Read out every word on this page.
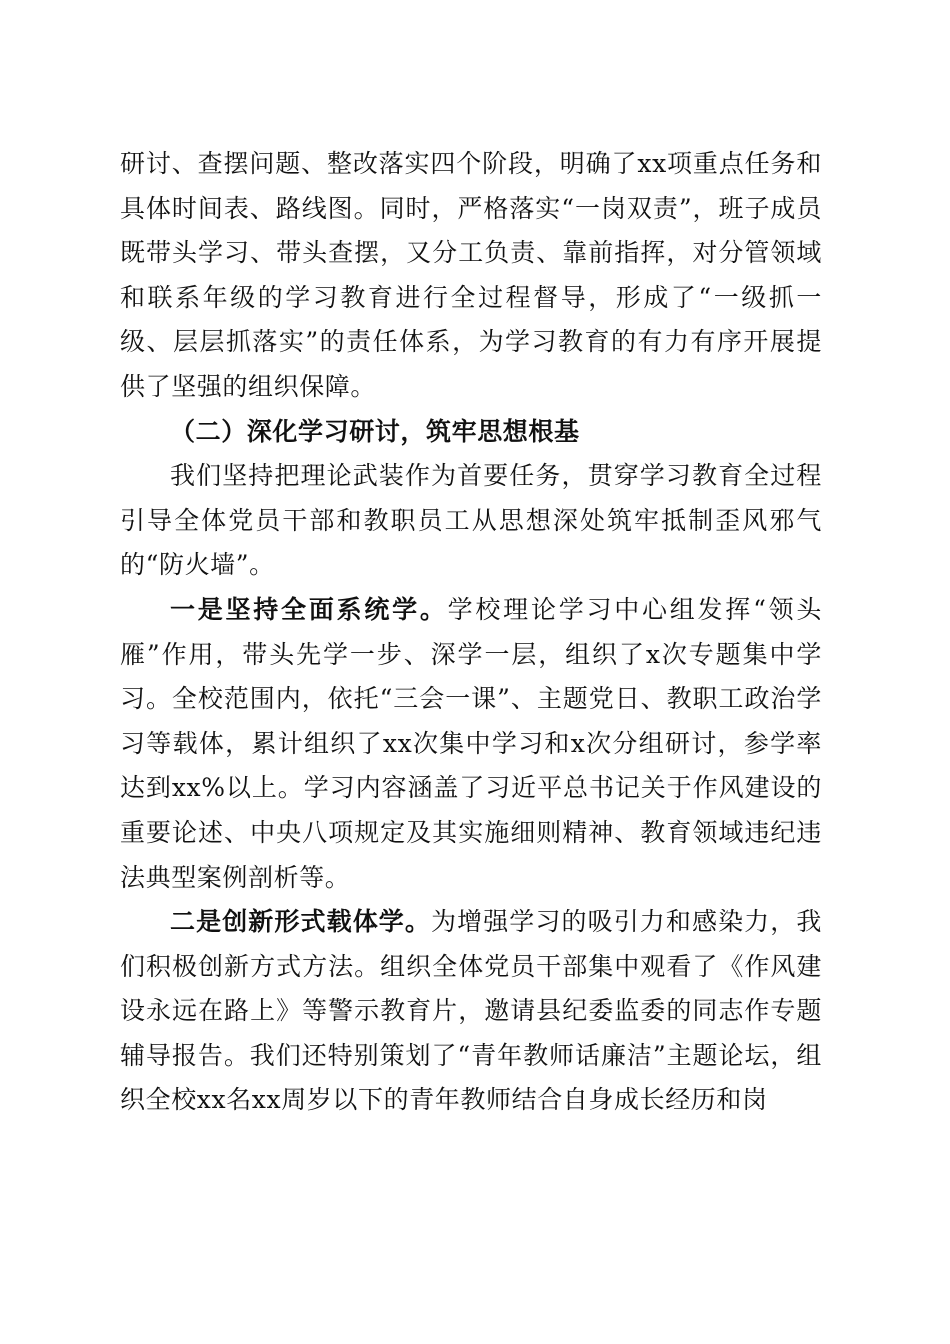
研讨、查摆问题、整改落实四个阶段，明确了xx项重点任务和具体时间表、路线图。同时，严格落实“一岗双责”，班子成员既带头学习、带头查摆，又分工负责、靠前指挥，对分管领域和联系年级的学习教育进行全过程督导，形成了“一级抓一级、层层抓落实”的责任体系，为学习教育的有力有序开展提供了坚强的组织保障。

（二）深化学习研讨，筑牢思想根基

我们坚持把理论武装作为首要任务，贯穿学习教育全过程引导全体党员干部和教职员工从思想深处筑牢抵制歪风邪气的“防火墙”。

一是坚持全面系统学。学校理论学习中心组发挥“领头雁”作用，带头先学一步、深学一层，组织了x次专题集中学习。全校范围内，依托“三会一课”、主题党日、教职工政治学习等载体，累计组织了xx次集中学习和x次分组研讨，参学率达到xx%以上。学习内容涵盖了习近平总书记关于作风建设的重要论述、中央八项规定及其实施细则精神、教育领域违纪违法典型案例剖析等。

二是创新形式载体学。为增强学习的吸引力和感染力，我们积极创新方式方法。组织全体党员干部集中观看了《作风建设永远在路上》等警示教育片，邀请县纪委监委的同志作专题辅导报告。我们还特别策划了“青年教师话廉洁”主题论坛，组织全校xx名xx周岁以下的青年教师结合自身成长经历和岗
